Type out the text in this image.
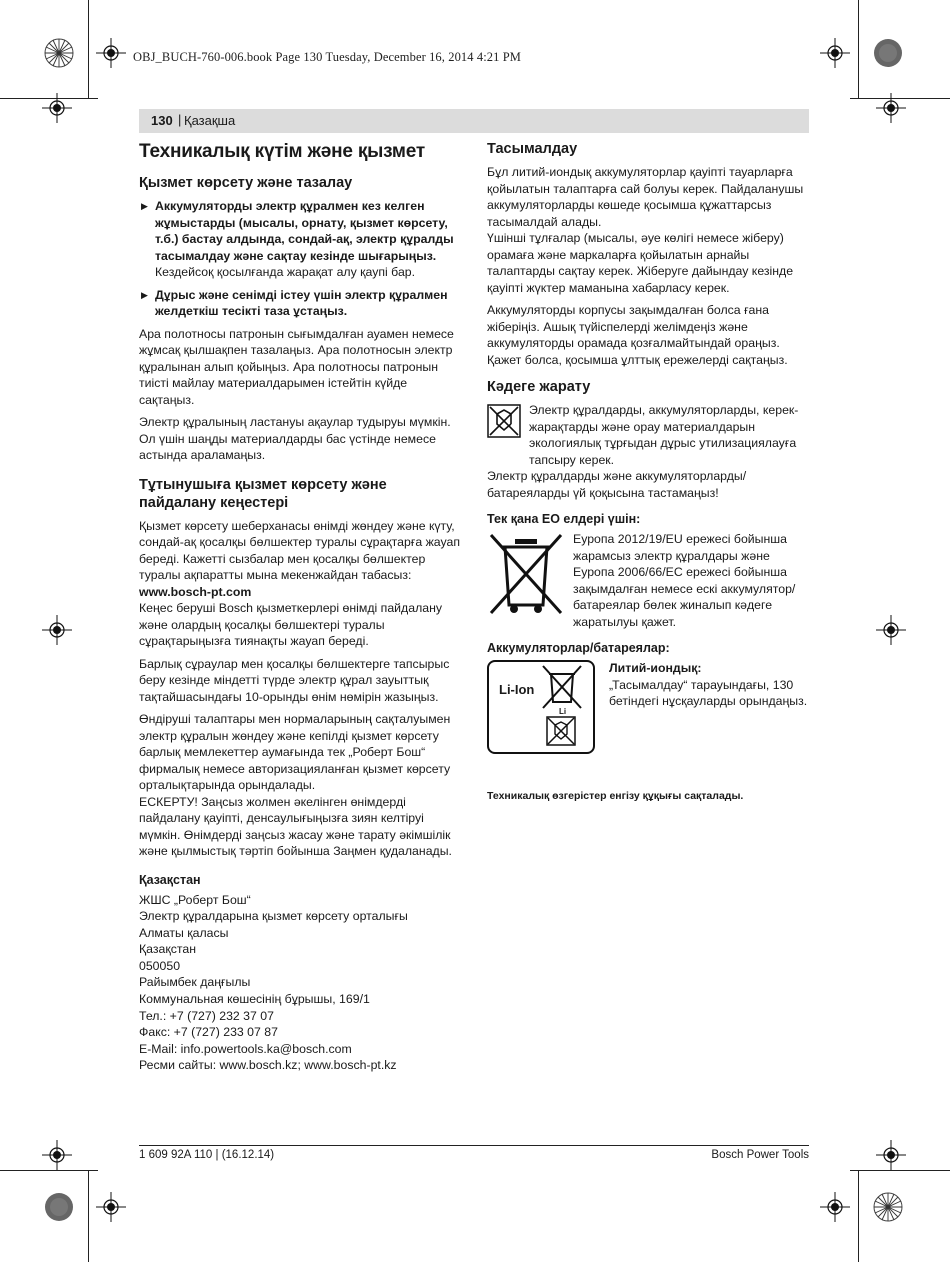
OBJ_BUCH-760-006.book Page 130 Tuesday, December 16, 2014 4:21 PM
130 | Қазақша
Техникалық күтім және қызмет
Қызмет көрсету және тазалау
▶ Аккумуляторды электр құралмен кез келген жұмыстарды (мысалы, орнату, қызмет көрсету, т.б.) бастау алдында, сондай-ақ, электр құралды тасымалдау және сақтау кезінде шығарыңыз. Кездейсоқ қосылғанда жарақат алу қаупі бар.
▶ Дұрыс және сенімді істеу үшін электр құралмен желдеткіш тесікті таза ұстаңыз.

Ара полотносы патронын сығымдалған ауамен немесе жұмсақ қылшақпен тазалаңыз. Ара полотносын электр құралынан алып қойыңыз. Ара полотносы патронын тиісті майлау материалдарымен істейтін күйде сақтаңыз.

Электр құралының ластануы ақаулар тудыруы мүмкін. Ол үшін шаңды материалдарды бас үстінде немесе астында араламаңыз.

Тұтынушыға қызмет көрсету және пайдалану кеңестері

Қызмет көрсету шеберханасы өнімді жөндеу және күту, сондай-ақ қосалқы бөлшектер туралы сұрақтарға жауап береді. Кажетті сызбалар мен қосалқы бөлшектер туралы ақпаратты мына мекенжайдан табасыз:

www.bosch-pt.com

Кеңес беруші Bosch қызметкерлері өнімді пайдалану және олардың қосалқы бөлшектері туралы сұрақтарыңызға тиянақты жауап береді.

Барлық сұраулар мен қосалқы бөлшектерге тапсырыс беру кезінде міндетті түрде электр құрал зауыттық тақтайшасындағы 10-орынды өнім нөмірін жазыңыз.

Өндіруші талаптары мен нормаларының сақталуымен электр құралын жөндеу және кепілді қызмет көрсету барлық мемлекеттер аумағында тек „Роберт Бош“ фирмалық немесе авторизацияланған қызмет көрсету орталықтарында орындалады.

ЕСКЕРТУ! Заңсыз жолмен әкелінген өнімдерді пайдалану қауіпті, денсаулығыңызға зиян келтіруі мүмкін. Өнімдерді заңсыз жасау және тарату әкімшілік және қылмыстық тәртіп бойынша Заңмен қудаланады.

Қазақстан

ЖШС „Роберт Бош“

Электр құралдарына қызмет көрсету орталығы

Алматы қаласы

Қазақстан

050050

Райымбек даңғылы

Коммунальная көшесінің бұрышы, 169/1

Тел.: +7 (727) 232 37 07

Факс: +7 (727) 233 07 87

E-Mail: info.powertools.ka@bosch.com

Ресми сайты: www.bosch.kz; www.bosch-pt.kz

Тасымалдау

Бұл литий-иондық аккумуляторлар қауіпті тауарларға қойылатын талаптарға сай болуы керек. Пайдаланушы аккумуляторларды көшеде қосымша құжаттарсыз тасымалдай алады.

Үшінші тұлғалар (мысалы, әуе көлігі немесе жіберу) орамаға және маркаларға қойылатын арнайы талаптарды сақтау керек. Жіберуге дайындау кезінде қауіпті жүктер маманына хабарласу керек.

Аккумуляторды корпусы зақымдалған болса ғана жіберіңіз. Ашық түйіспелерді желімдеңіз және аккумуляторды орамада қозғалмайтындай ораңыз. Қажет болса, қосымша ұлттық ережелерді сақтаңыз.

Кәдеге жарату

Электр құралдарды, аккумуляторларды, керек-жарақтарды және орау материалдарын экологиялық тұрғыдан дұрыс утилизациялауға тапсыру керек.

Электр құралдарды және аккумуляторларды/батареяларды үй қоқысына тастамаңыз!

Тек қана ЕО елдері үшін:

Еуропа 2012/19/EU ережесі бойынша жарамсыз электр құралдары және Еуропа 2006/66/EC ережесі бойынша зақымдалған немесе ескі аккумулятор/батареялар бөлек жиналып кәдеге жаратылуы қажет.

Аккумуляторлар/батареялар:
Li-Ion
Li
Литий-иондық:

„Тасымалдау“ тарауындағы, 130 бетіндегі нұсқауларды орындаңыз.

Техникалық өзгерістер енгізу құқығы сақталады.

1 609 92A 110 | (16.12.14)	Bosch Power Tools
